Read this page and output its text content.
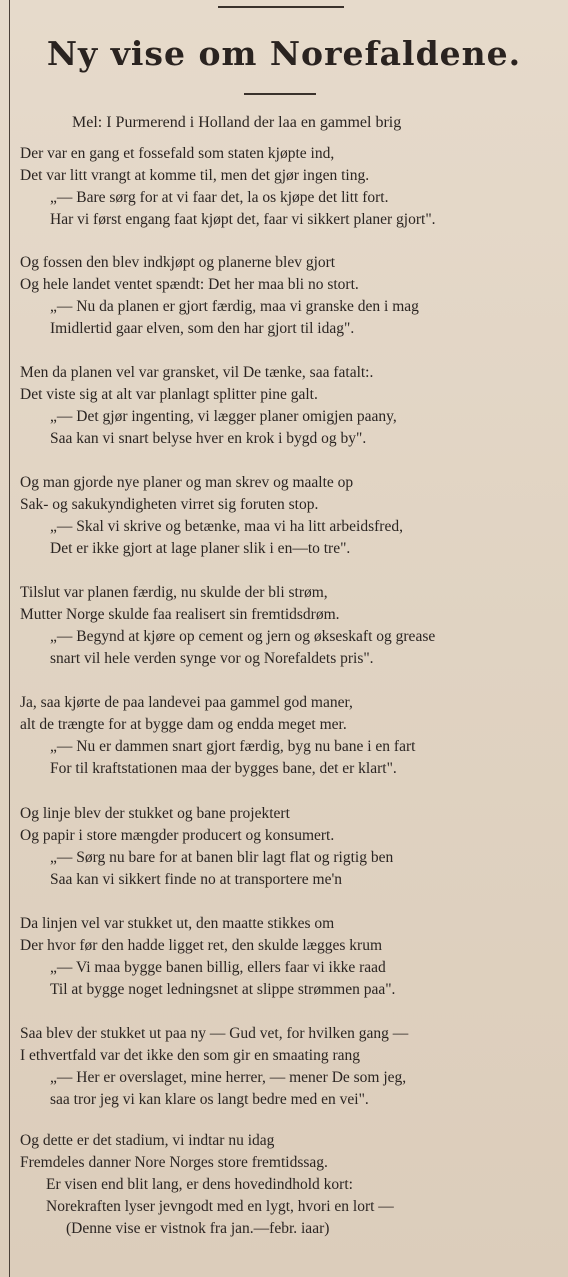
Ny vise om Norefaldene.
Mel: I Purmerend i Holland der laa en gammel brig
Der var en gang et fossefald som staten kjøpte ind,
Det var litt vrangt at komme til, men det gjør ingen ting.
„— Bare sørg for at vi faar det, la os kjøpe det litt fort.
Har vi først engang faat kjøpt det, faar vi sikkert planer gjort".
Og fossen den blev indkjøpt og planerne blev gjort
Og hele landet ventet spændt: Det her maa bli no stort.
„— Nu da planen er gjort færdig, maa vi granske den i mag
Imidlertid gaar elven, som den har gjort til idag".
Men da planen vel var gransket, vil De tænke, saa fatalt:.
Det viste sig at alt var planlagt splitter pine galt.
„— Det gjør ingenting, vi lægger planer omigjen paany,
Saa kan vi snart belyse hver en krok i bygd og by".
Og man gjorde nye planer og man skrev og maalte op
Sak- og sakukyndigheten virret sig foruten stop.
„— Skal vi skrive og betænke, maa vi ha litt arbeidsfred,
Det er ikke gjort at lage planer slik i en—to tre".
Tilslut var planen færdig, nu skulde der bli strøm,
Mutter Norge skulde faa realisert sin fremtidsdrøm.
„— Begynd at kjøre op cement og jern og økseskaft og grease
snart vil hele verden synge vor og Norefaldets pris".
Ja, saa kjørte de paa landevei paa gammel god maner,
alt de trængte for at bygge dam og endda meget mer.
„— Nu er dammen snart gjort færdig, byg nu bane i en fart
For til kraftstationen maa der bygges bane, det er klart".
Og linje blev der stukket og bane projektert
Og papir i store mængder producert og konsumert.
„— Sørg nu bare for at banen blir lagt flat og rigtig ben
Saa kan vi sikkert finde no at transportere me'n
Da linjen vel var stukket ut, den maatte stikkes om
Der hvor før den hadde ligget ret, den skulde lægges krum
„— Vi maa bygge banen billig, ellers faar vi ikke raad
Til at bygge noget ledningsnet at slippe strømmen paa".
Saa blev der stukket ut paa ny — Gud vet, for hvilken gang —
I ethvertfald var det ikke den som gir en smaating rang
„— Her er overslaget, mine herrer, — mener De som jeg,
saa tror jeg vi kan klare os langt bedre med en vei".
Og dette er det stadium, vi indtar nu idag
Fremdeles danner Nore Norges store fremtidssag.
Er visen end blit lang, er dens hovedindhold kort:
Norekraften lyser jevngodt med en lygt, hvori en lort —
(Denne vise er vistnok fra jan.—febr. iaar)
